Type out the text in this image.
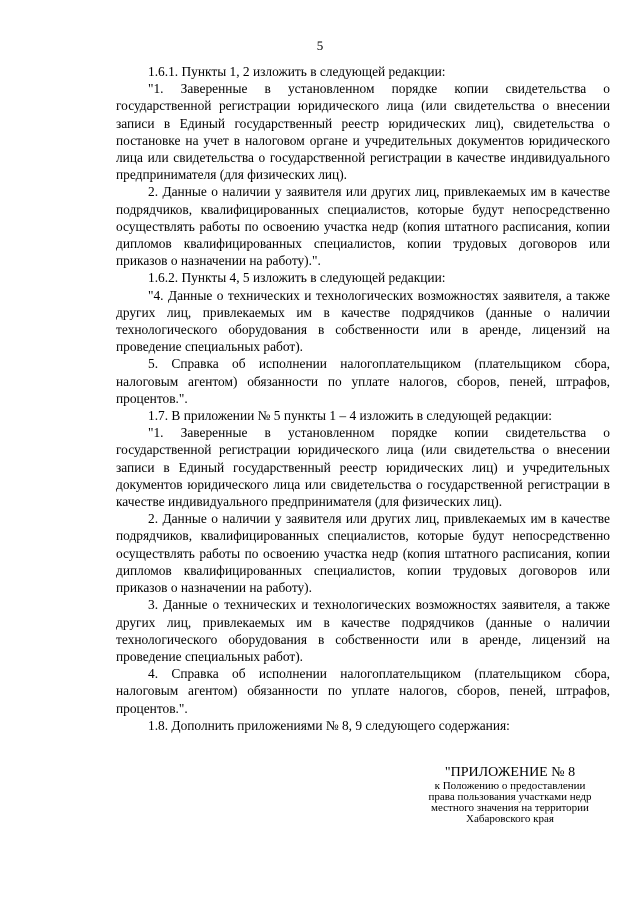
5

1.6.1. Пункты 1, 2 изложить в следующей редакции:

"1. Заверенные в установленном порядке копии свидетельства о государственной регистрации юридического лица (или свидетельства о внесении записи в Единый государственный реестр юридических лиц), свидетельства о постановке на учет в налоговом органе и учредительных документов юридического лица или свидетельства о государственной регистрации в качестве индивидуального предпринимателя (для физических лиц).

2. Данные о наличии у заявителя или других лиц, привлекаемых им в качестве подрядчиков, квалифицированных специалистов, которые будут непосредственно осуществлять работы по освоению участка недр (копия штатного расписания, копии дипломов квалифицированных специалистов, копии трудовых договоров или приказов о назначении на работу).".

1.6.2. Пункты 4, 5 изложить в следующей редакции:

"4. Данные о технических и технологических возможностях заявителя, а также других лиц, привлекаемых им в качестве подрядчиков (данные о наличии технологического оборудования в собственности или в аренде, лицензий на проведение специальных работ).

5. Справка об исполнении налогоплательщиком (плательщиком сбора, налоговым агентом) обязанности по уплате налогов, сборов, пеней, штрафов, процентов.".

1.7. В приложении № 5 пункты 1 – 4 изложить в следующей редакции:

"1. Заверенные в установленном порядке копии свидетельства о государственной регистрации юридического лица (или свидетельства о внесении записи в Единый государственный реестр юридических лиц) и учредительных документов юридического лица или свидетельства о государственной регистрации в качестве индивидуального предпринимателя (для физических лиц).

2. Данные о наличии у заявителя или других лиц, привлекаемых им в качестве подрядчиков, квалифицированных специалистов, которые будут непосредственно осуществлять работы по освоению участка недр (копия штатного расписания, копии дипломов квалифицированных специалистов, копии трудовых договоров или приказов о назначении на работу).

3. Данные о технических и технологических возможностях заявителя, а также других лиц, привлекаемых им в качестве подрядчиков (данные о наличии технологического оборудования в собственности или в аренде, лицензий на проведение специальных работ).

4. Справка об исполнении налогоплательщиком (плательщиком сбора, налоговым агентом) обязанности по уплате налогов, сборов, пеней, штрафов, процентов.".

1.8. Дополнить приложениями № 8, 9 следующего содержания:

"ПРИЛОЖЕНИЕ № 8
к Положению о предоставлении
права пользования участками недр
местного значения на территории
Хабаровского края
